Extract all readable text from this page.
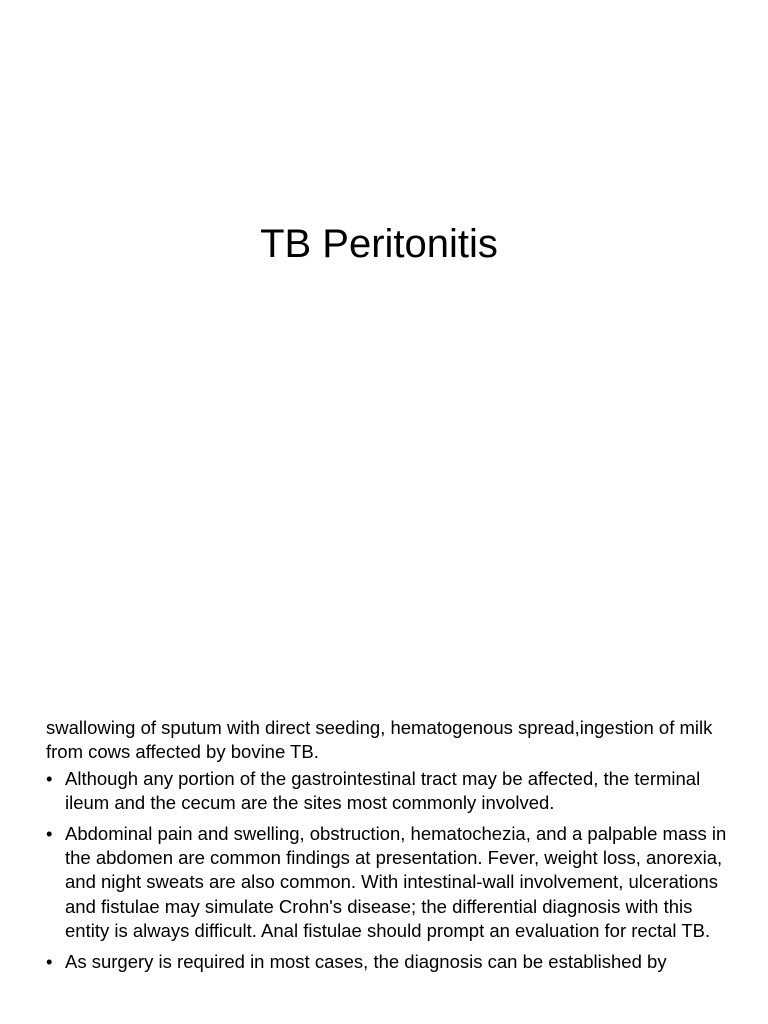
TB Peritonitis

swallowing of sputum with direct seeding, hematogenous spread,ingestion of milk from cows affected by bovine TB.

• Although any portion of the gastrointestinal tract may be affected, the terminal ileum and the cecum are the sites most commonly involved.
• Abdominal pain and swelling, obstruction, hematochezia, and a palpable mass in the abdomen are common findings at presentation. Fever, weight loss, anorexia, and night sweats are also common. With intestinal-wall involvement, ulcerations and fistulae may simulate Crohn's disease; the differential diagnosis with this entity is always difficult. Anal fistulae should prompt an evaluation for rectal TB.
• As surgery is required in most cases, the diagnosis can be established by
